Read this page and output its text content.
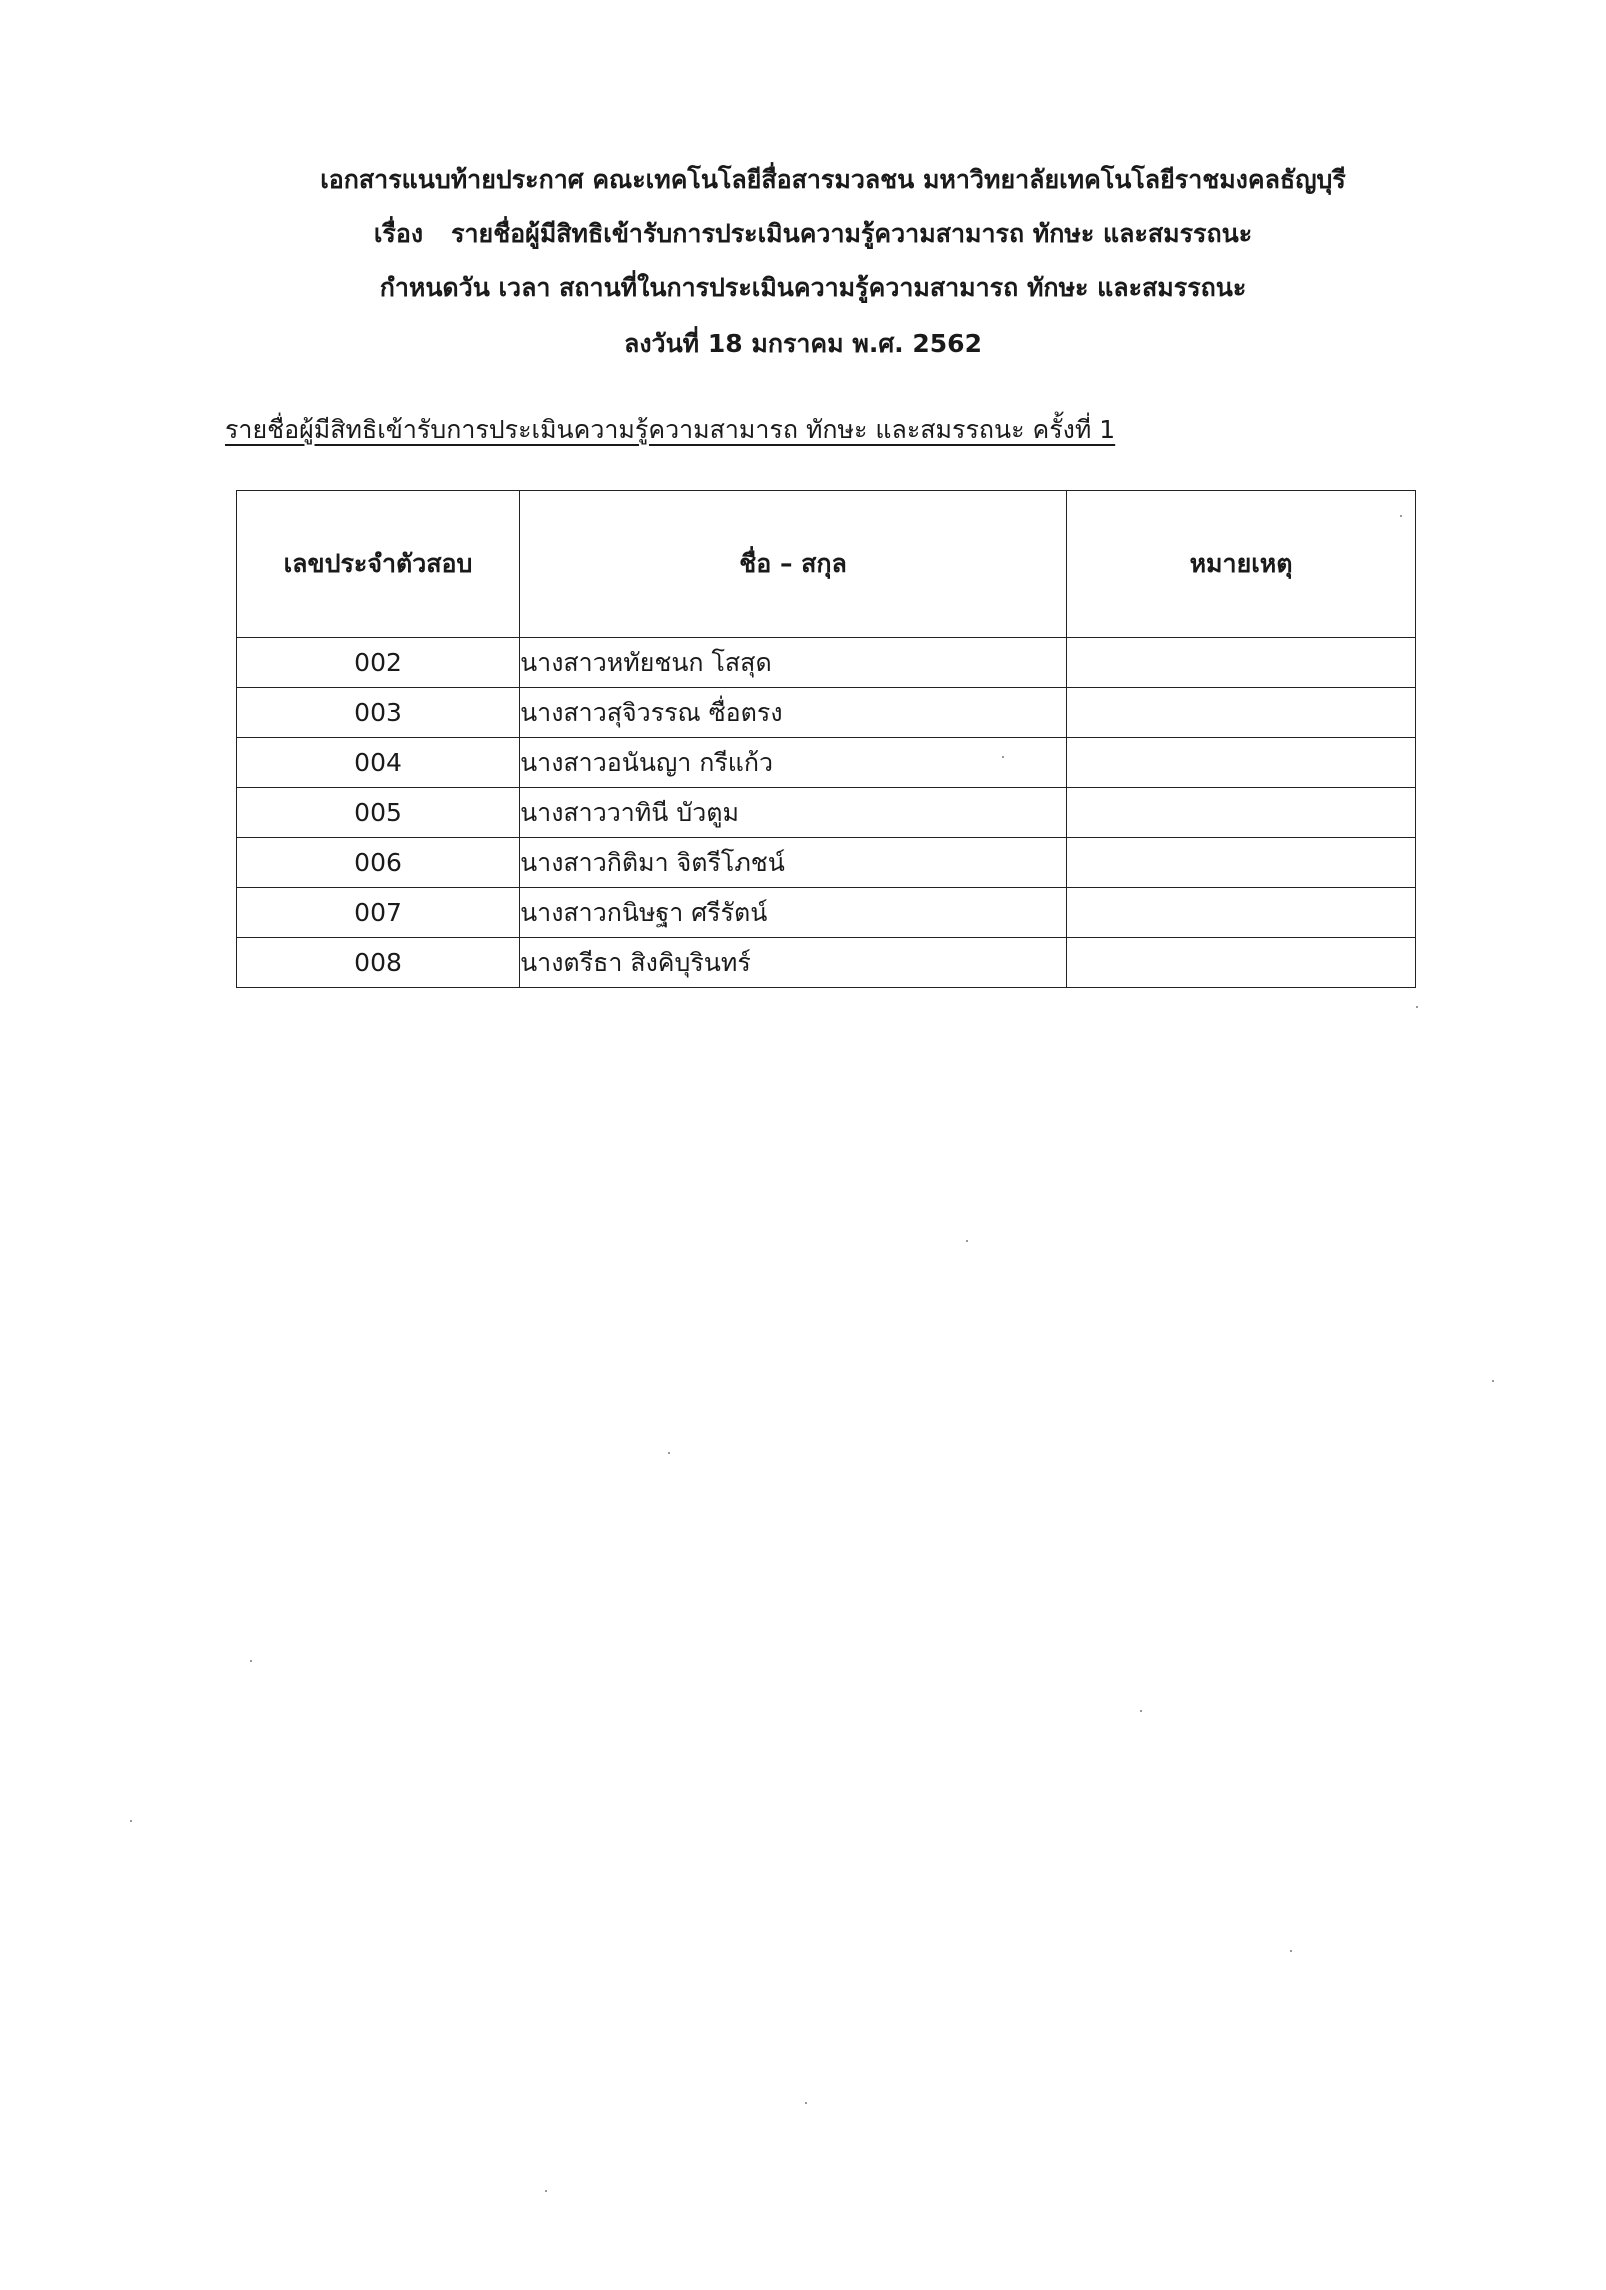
เอกสารแนบท้ายประกาศ คณะเทคโนโลยีสื่อสารมวลชน มหาวิทยาลัยเทคโนโลยีราชมงคลธัญบุรี
เรื่อง รายชื่อผู้มีสิทธิเข้ารับการประเมินความรู้ความสามารถ ทักษะ และสมรรถนะ
กำหนดวัน เวลา สถานที่ในการประเมินความรู้ความสามารถ ทักษะ และสมรรถนะ
ลงวันที่ 18 มกราคม พ.ศ. 2562
รายชื่อผู้มีสิทธิเข้ารับการประเมินความรู้ความสามารถ ทักษะ และสมรรถนะ ครั้งที่ 1
เลขประจำตัวสอบ	ชื่อ – สกุล	หมายเหตุ
002	นางสาวหทัยชนก โสสุด	
003	นางสาวสุจิวรรณ ซื่อตรง	
004	นางสาวอนันญา กรีแก้ว	
005	นางสาววาทินี บัวตูม	
006	นางสาวกิติมา จิตรีโภชน์	
007	นางสาวกนิษฐา ศรีรัตน์	
008	นางตรีธา สิงคิบุรินทร์	
